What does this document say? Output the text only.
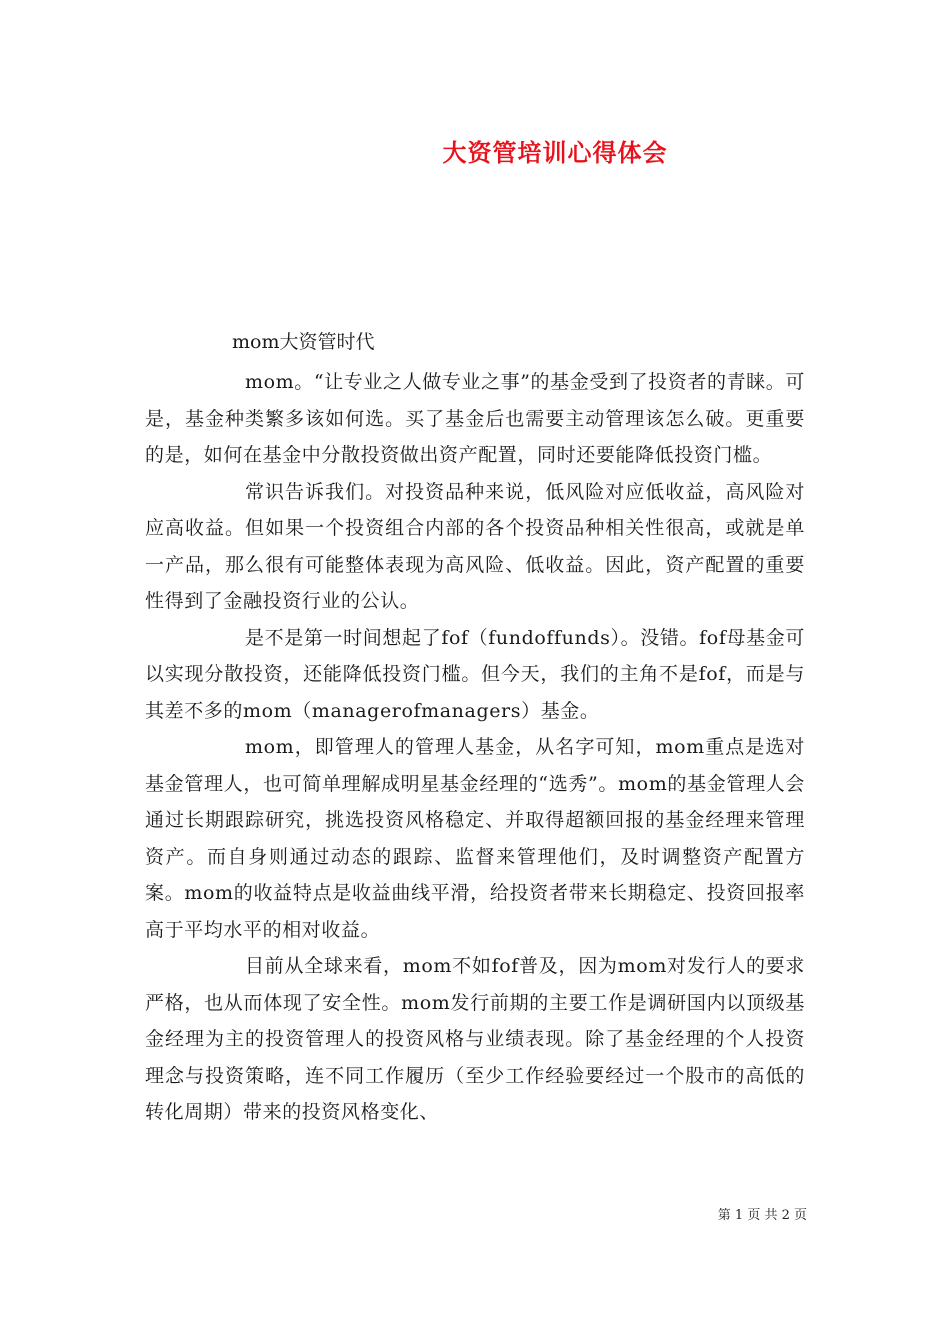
大资管培训心得体会

mom大资管时代

mom。“让专业之人做专业之事”的基金受到了投资者的青睐。可是，基金种类繁多该如何选。买了基金后也需要主动管理该怎么破。更重要的是，如何在基金中分散投资做出资产配置，同时还要能降低投资门槛。

常识告诉我们。对投资品种来说，低风险对应低收益，高风险对应高收益。但如果一个投资组合内部的各个投资品种相关性很高，或就是单一产品，那么很有可能整体表现为高风险、低收益。因此，资产配置的重要性得到了金融投资行业的公认。

是不是第一时间想起了fof（fundoffunds）。没错。fof母基金可以实现分散投资，还能降低投资门槛。但今天，我们的主角不是fof，而是与其差不多的mom（managerofmanagers）基金。

mom，即管理人的管理人基金，从名字可知，mom重点是选对基金管理人，也可简单理解成明星基金经理的“选秀”。mom的基金管理人会通过长期跟踪研究，挑选投资风格稳定、并取得超额回报的基金经理来管理资产。而自身则通过动态的跟踪、监督来管理他们，及时调整资产配置方案。mom的收益特点是收益曲线平滑，给投资者带来长期稳定、投资回报率高于平均水平的相对收益。

目前从全球来看，mom不如fof普及，因为mom对发行人的要求严格，也从而体现了安全性。mom发行前期的主要工作是调研国内以顶级基金经理为主的投资管理人的投资风格与业绩表现。除了基金经理的个人投资理念与投资策略，连不同工作履历（至少工作经验要经过一个股市的高低的转化周期）带来的投资风格变化、

第 1 页 共 2 页
